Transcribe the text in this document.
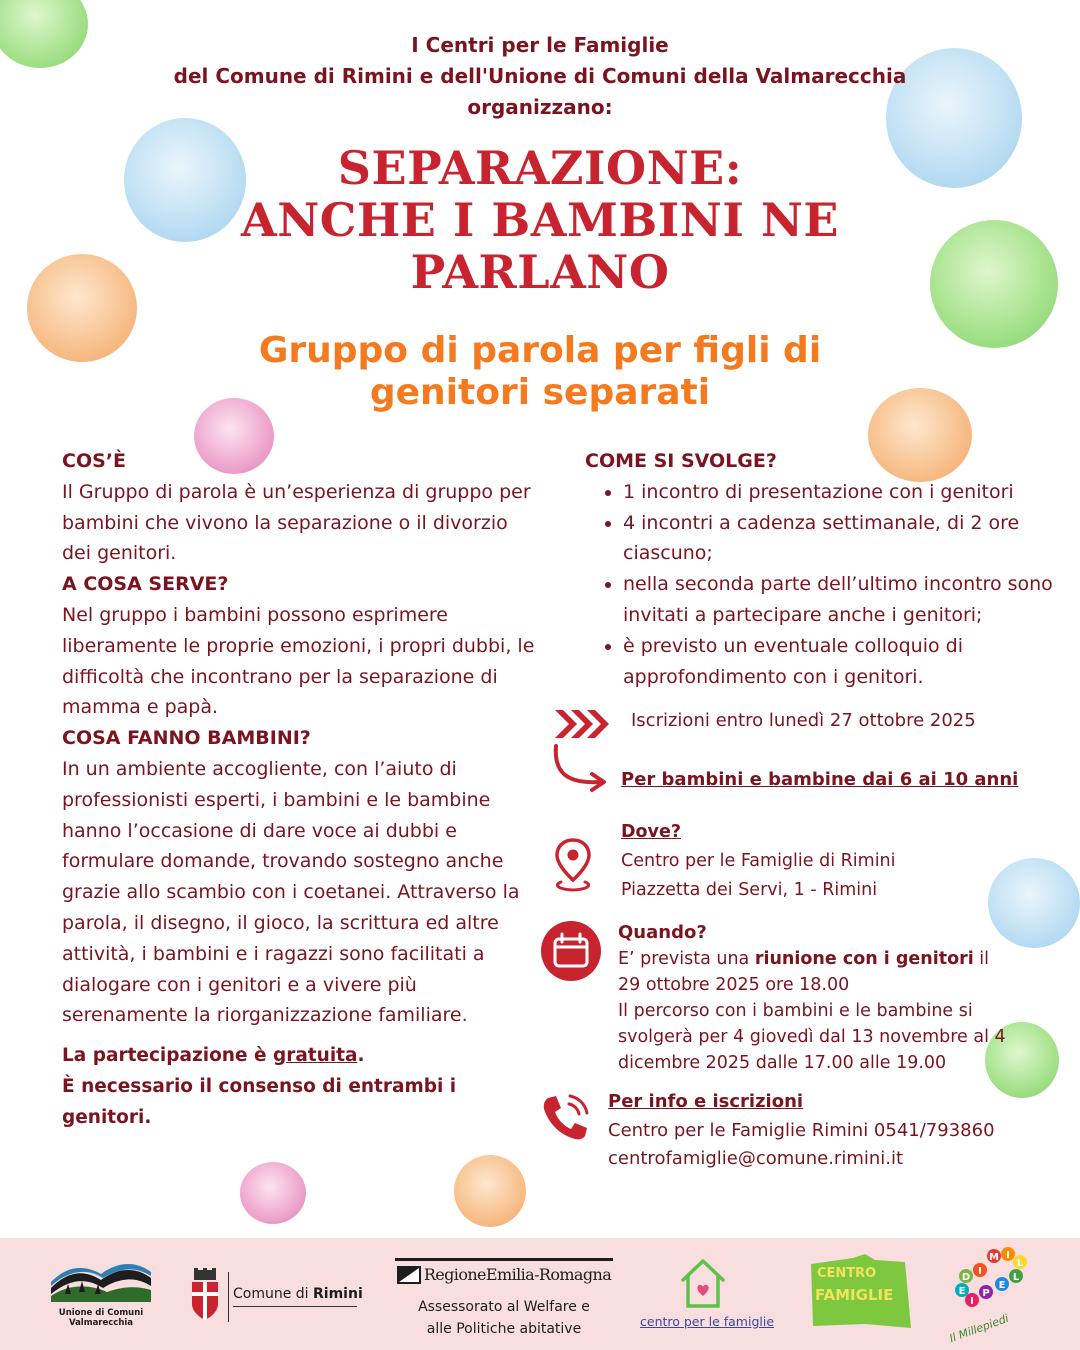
I Centri per le Famiglie
del Comune di Rimini e dell'Unione di Comuni della Valmarecchia
organizzano:
SEPARAZIONE:
ANCHE I BAMBINI NE
PARLANO
Gruppo di parola per figli di
genitori separati
COS’È

Il Gruppo di parola è un’esperienza di gruppo per bambini che vivono la separazione o il divorzio dei genitori.

A COSA SERVE?

Nel gruppo i bambini possono esprimere liberamente le proprie emozioni, i propri dubbi, le difficoltà che incontrano per la separazione di mamma e papà.

COSA FANNO BAMBINI?

In un ambiente accogliente, con l’aiuto di professionisti esperti, i bambini e le bambine hanno l’occasione di dare voce ai dubbi e formulare domande, trovando sostegno anche grazie allo scambio con i coetanei. Attraverso la parola, il disegno, il gioco, la scrittura ed altre attività, i bambini e i ragazzi sono facilitati a dialogare con i genitori e a vivere più serenamente la riorganizzazione familiare.

La partecipazione è gratuita.
È necessario il consenso di entrambi i genitori.
COME SI SVOLGE?
• 1 incontro di presentazione con i genitori
• 4 incontri a cadenza settimanale, di 2 ore ciascuno;
• nella seconda parte dell’ultimo incontro sono invitati a partecipare anche i genitori;
• è previsto un eventuale colloquio di approfondimento con i genitori.
Iscrizioni entro lunedì 27 ottobre 2025
Per bambini e bambine dai 6 ai 10 anni
Dove?
Centro per le Famiglie di Rimini
Piazzetta dei Servi, 1 - Rimini
Quando?
E’ prevista una riunione con i genitori il 29 ottobre 2025 ore 18.00
Il percorso con i bambini e le bambine si svolgerà per 4 giovedì dal 13 novembre al 4 dicembre 2025 dalle 17.00 alle 19.00
Per info e iscrizioni
Centro per le Famiglie Rimini 0541/793860
centrofamiglie@comune.rimini.it
Unione di Comuni
Valmarecchia
Comune di Rimini
RegioneEmilia-Romagna
Assessorato al Welfare e
alle Politiche abitative	centro per le famiglie
CENTRO
FAMIGLIE
M I
L
L
E
P
I
E
D
I
Il Millepiedi
